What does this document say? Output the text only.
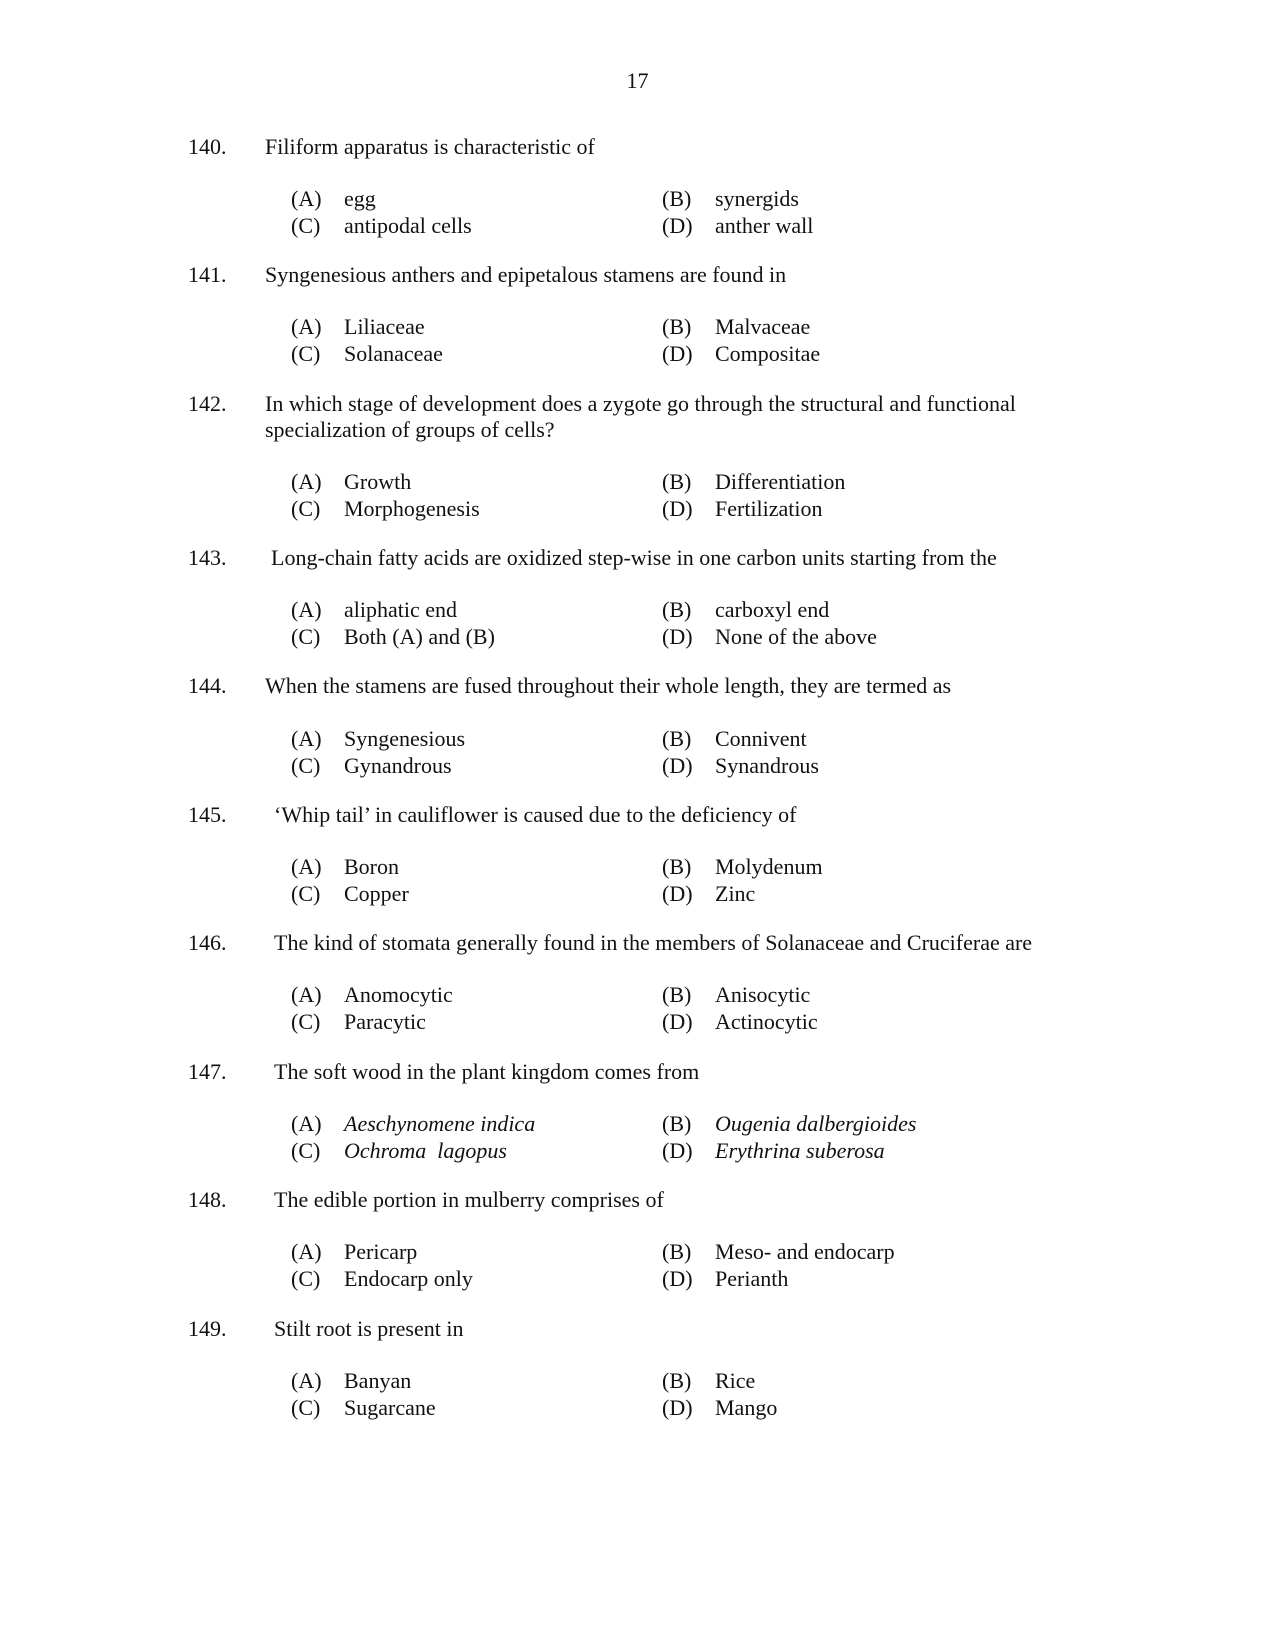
17
140. Filiform apparatus is characteristic of
(A) egg	(B) synergids
(C) antipodal cells	(D) anther wall
141. Syngenesious anthers and epipetalous stamens are found in
(A) Liliaceae	(B) Malvaceae
(C) Solanaceae	(D) Compositae
142. In which stage of development does a zygote go through the structural and functional specialization of groups of cells?
(A) Growth	(B) Differentiation
(C) Morphogenesis	(D) Fertilization
143. Long-chain fatty acids are oxidized step-wise in one carbon units starting from the
(A) aliphatic end	(B) carboxyl end
(C) Both (A) and (B)	(D) None of the above
144. When the stamens are fused throughout their whole length, they are termed as
(A) Syngenesious	(B) Connivent
(C) Gynandrous	(D) Synandrous
145. ‘Whip tail’ in cauliflower is caused due to the deficiency of
(A) Boron	(B) Molydenum
(C) Copper	(D) Zinc
146. The kind of stomata generally found in the members of Solanaceae and Cruciferae are
(A) Anomocytic	(B) Anisocytic
(C) Paracytic	(D) Actinocytic
147. The soft wood in the plant kingdom comes from
(A) Aeschynomene indica	(B) Ougenia dalbergioides
(C) Ochroma  lagopus	(D) Erythrina suberosa
148. The edible portion in mulberry comprises of
(A) Pericarp	(B) Meso- and endocarp
(C) Endocarp only	(D) Perianth
149. Stilt root is present in
(A) Banyan	(B) Rice
(C) Sugarcane	(D) Mango
